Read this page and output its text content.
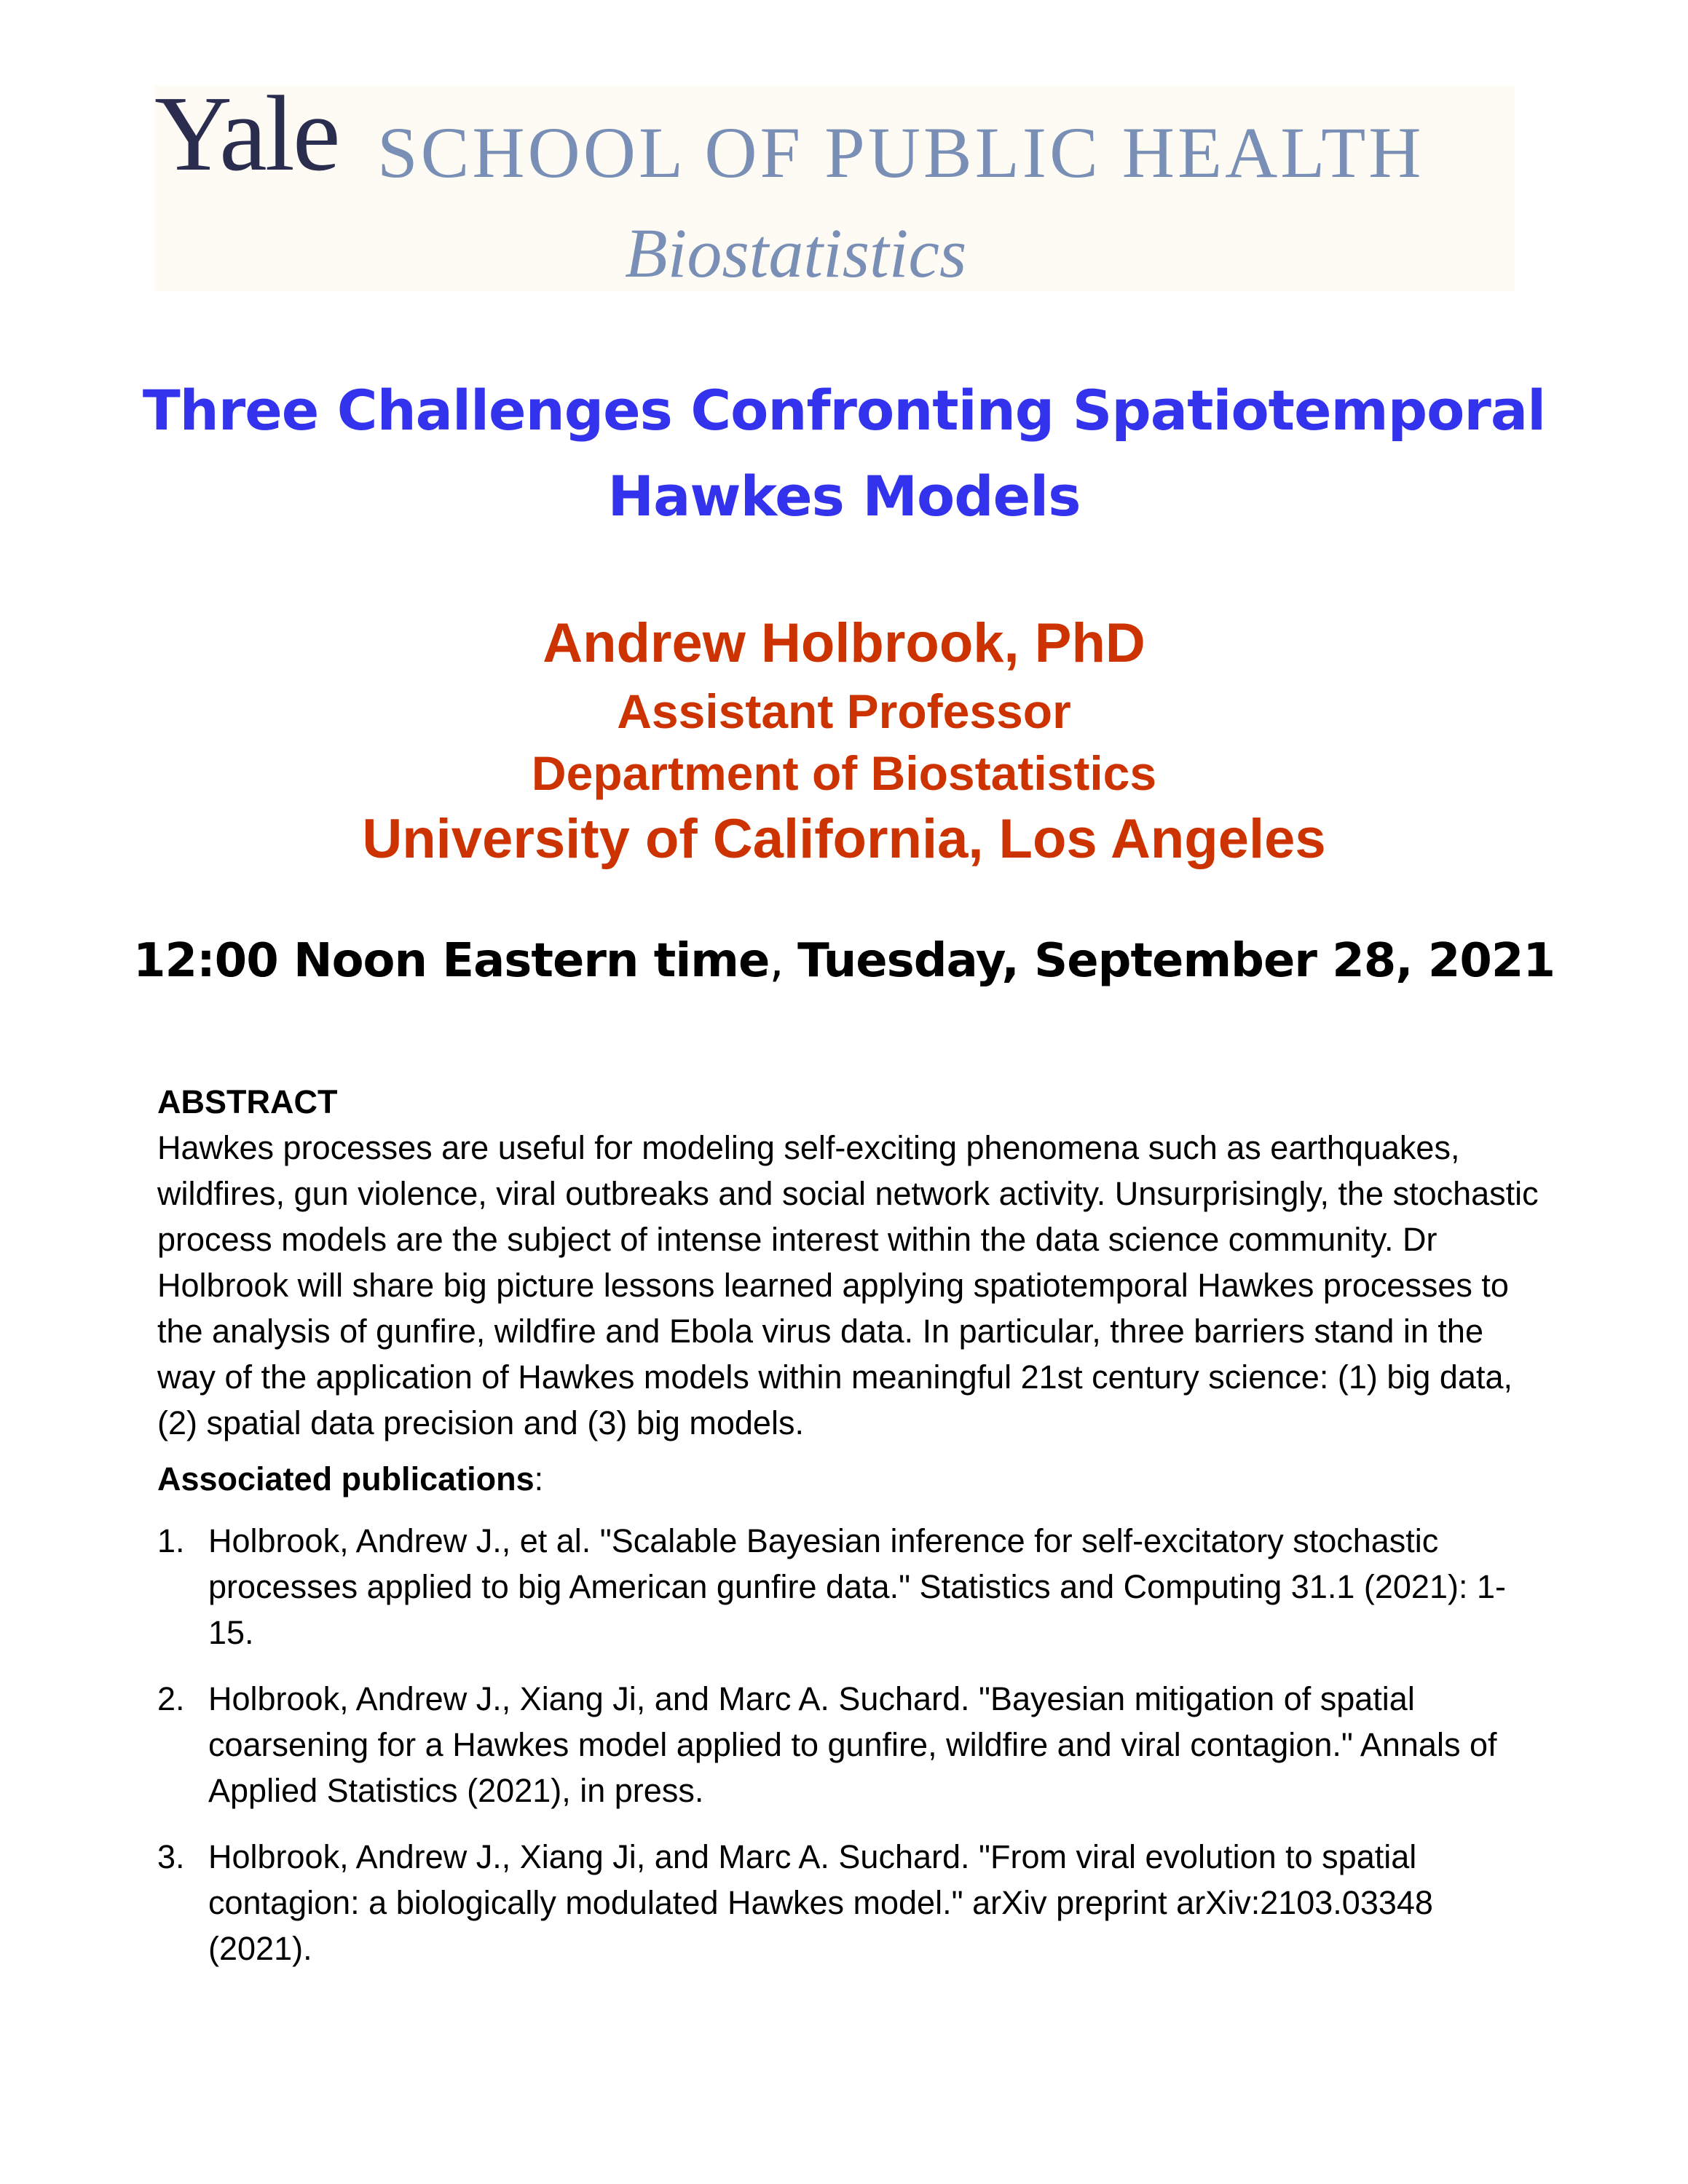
Yale SCHOOL OF PUBLIC HEALTH
Biostatistics
Three Challenges Confronting Spatiotemporal
Hawkes Models
Andrew Holbrook, PhD
Assistant Professor
Department of Biostatistics
University of California, Los Angeles
12:00 Noon Eastern time, Tuesday, September 28, 2021

ABSTRACT

Hawkes processes are useful for modeling self-exciting phenomena such as earthquakes, wildfires, gun violence, viral outbreaks and social network activity. Unsurprisingly, the stochastic process models are the subject of intense interest within the data science community. Dr Holbrook will share big picture lessons learned applying spatiotemporal Hawkes processes to the analysis of gunfire, wildfire and Ebola virus data. In particular, three barriers stand in the way of the application of Hawkes models within meaningful 21st century science: (1) big data, (2) spatial data precision and (3) big models.

Associated publications:

1. Holbrook, Andrew J., et al. "Scalable Bayesian inference for self-excitatory stochastic processes applied to big American gunfire data." Statistics and Computing 31.1 (2021): 1-15.
2. Holbrook, Andrew J., Xiang Ji, and Marc A. Suchard. "Bayesian mitigation of spatial coarsening for a Hawkes model applied to gunfire, wildfire and viral contagion." Annals of Applied Statistics (2021), in press.
3. Holbrook, Andrew J., Xiang Ji, and Marc A. Suchard. "From viral evolution to spatial contagion: a biologically modulated Hawkes model." arXiv preprint arXiv:2103.03348 (2021).
